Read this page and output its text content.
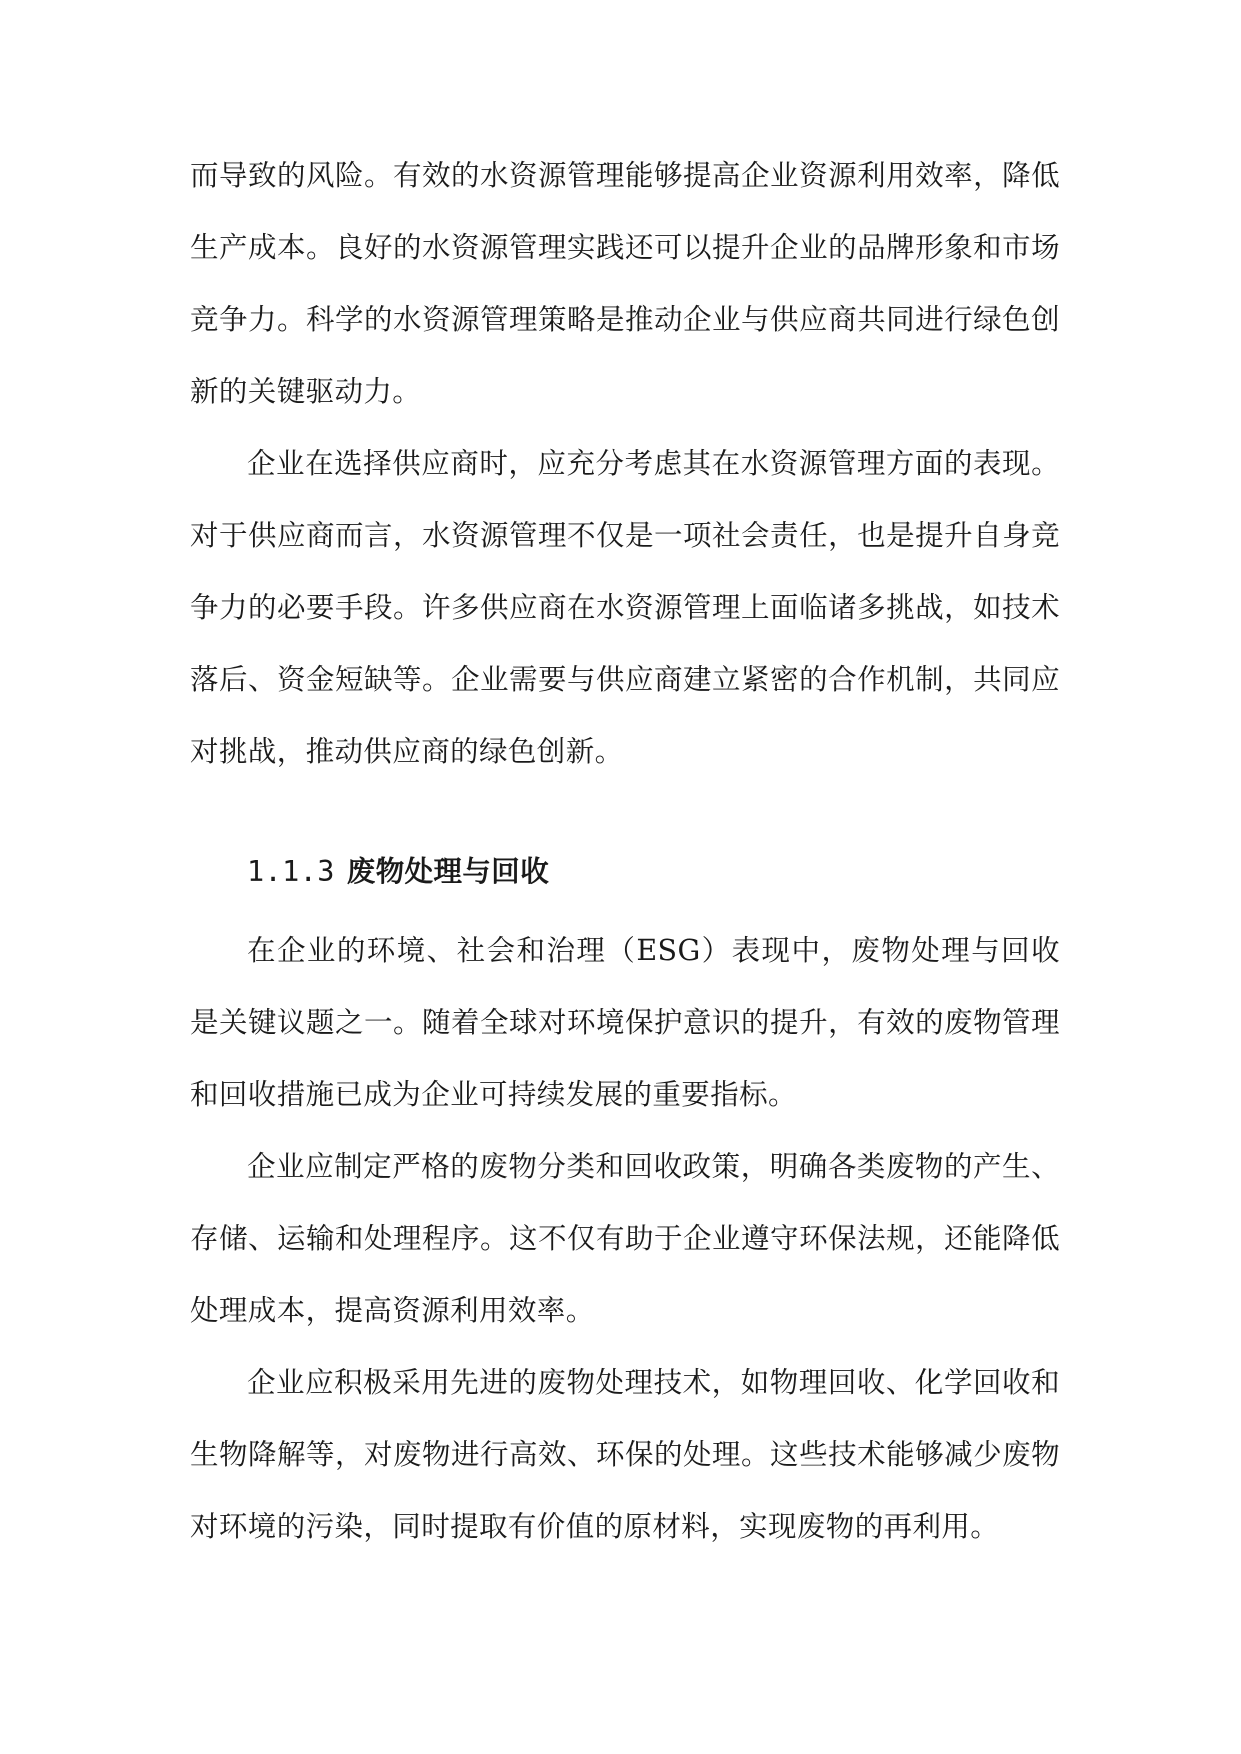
而导致的风险。有效的水资源管理能够提高企业资源利用效率，降低生产成本。良好的水资源管理实践还可以提升企业的品牌形象和市场竞争力。科学的水资源管理策略是推动企业与供应商共同进行绿色创新的关键驱动力。

企业在选择供应商时，应充分考虑其在水资源管理方面的表现。对于供应商而言，水资源管理不仅是一项社会责任，也是提升自身竞争力的必要手段。许多供应商在水资源管理上面临诸多挑战，如技术落后、资金短缺等。企业需要与供应商建立紧密的合作机制，共同应对挑战，推动供应商的绿色创新。

1.1.3 废物处理与回收

在企业的环境、社会和治理（ESG）表现中，废物处理与回收是关键议题之一。随着全球对环境保护意识的提升，有效的废物管理和回收措施已成为企业可持续发展的重要指标。

企业应制定严格的废物分类和回收政策，明确各类废物的产生、存储、运输和处理程序。这不仅有助于企业遵守环保法规，还能降低处理成本，提高资源利用效率。

企业应积极采用先进的废物处理技术，如物理回收、化学回收和生物降解等，对废物进行高效、环保的处理。这些技术能够减少废物对环境的污染，同时提取有价值的原材料，实现废物的再利用。
